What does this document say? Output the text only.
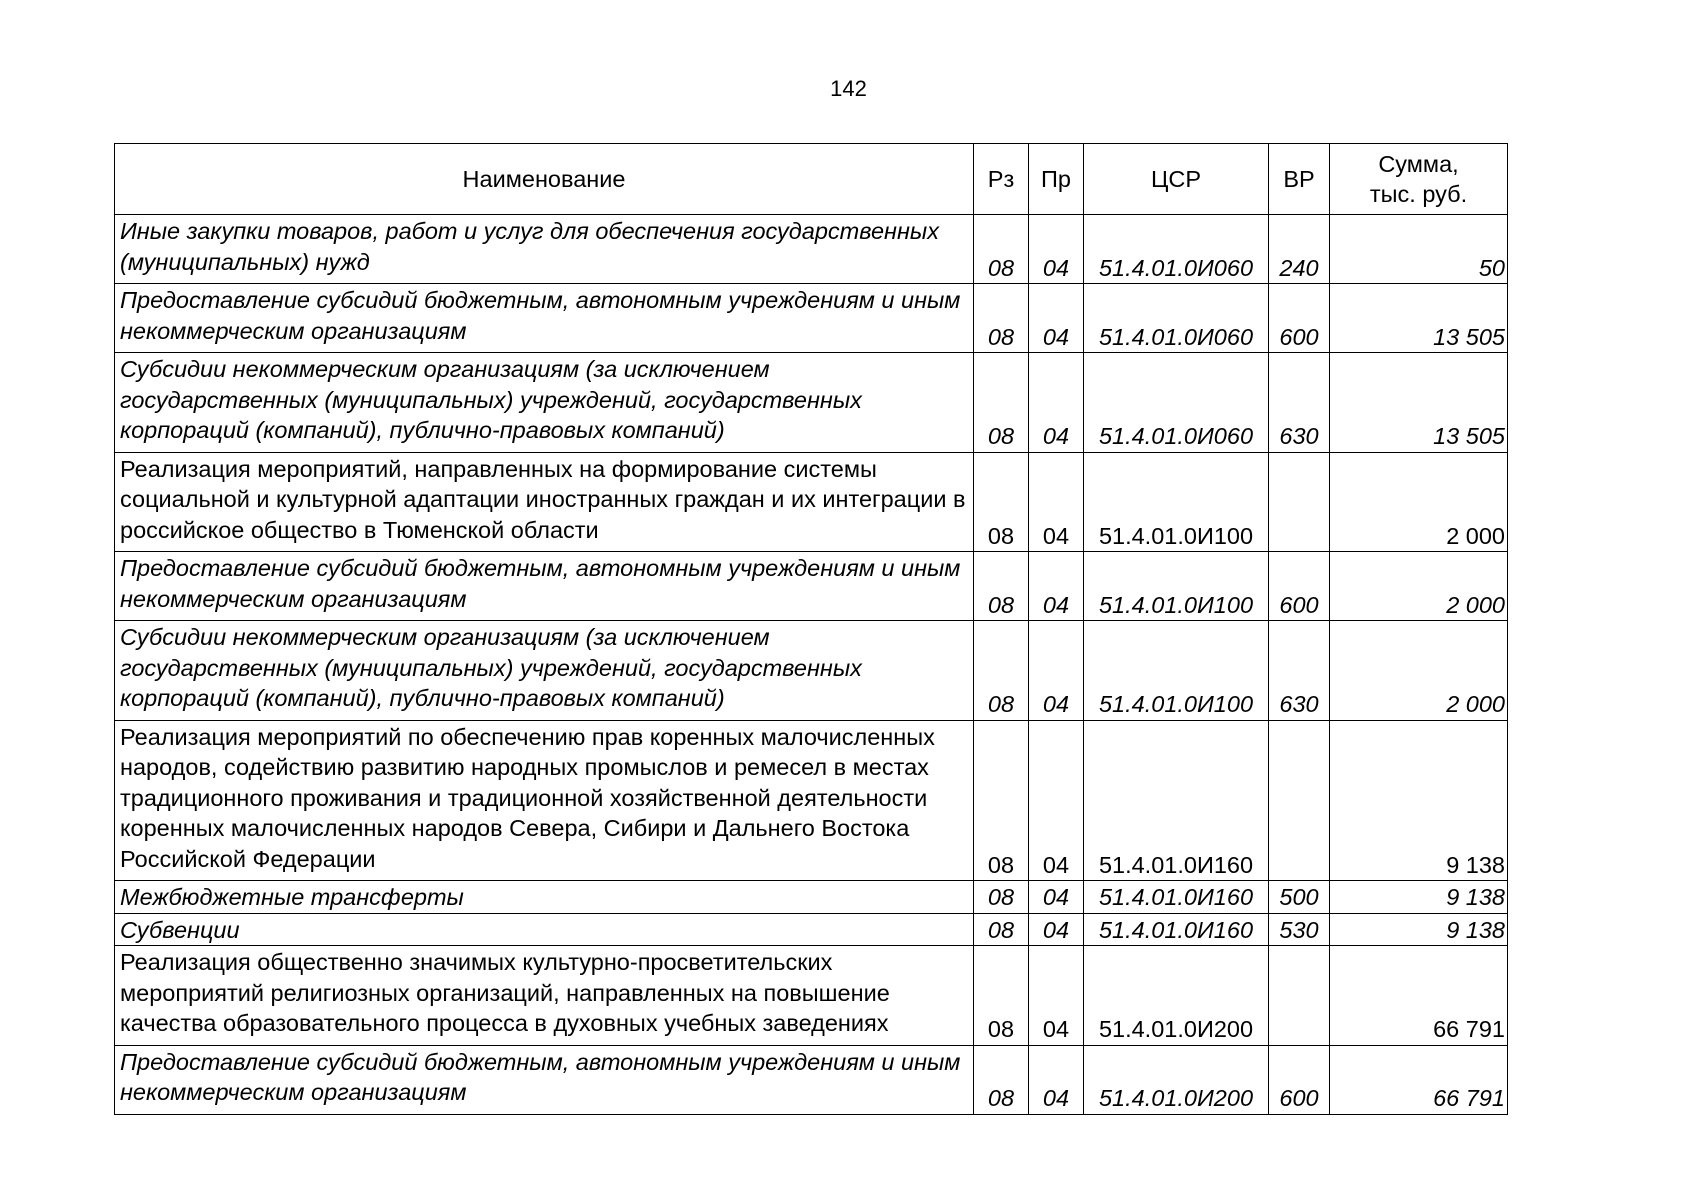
142
Наименование	Рз	Пр	ЦСР	ВР	Сумма,
тыс. руб.

Иные закупки товаров, работ и услуг для обеспечения государственных (муниципальных) нужд	08	04	51.4.01.0И060	240	50
Предоставление субсидий бюджетным, автономным учреждениям и иным некоммерческим организациям	08	04	51.4.01.0И060	600	13 505
Субсидии некоммерческим организациям (за исключением государственных (муниципальных) учреждений, государственных корпораций (компаний), публично-правовых компаний)	08	04	51.4.01.0И060	630	13 505
Реализация мероприятий, направленных на формирование системы социальной и культурной адаптации иностранных граждан и их интеграции в российское общество в Тюменской области	08	04	51.4.01.0И100		2 000
Предоставление субсидий бюджетным, автономным учреждениям и иным некоммерческим организациям	08	04	51.4.01.0И100	600	2 000
Субсидии некоммерческим организациям (за исключением государственных (муниципальных) учреждений, государственных корпораций (компаний), публично-правовых компаний)	08	04	51.4.01.0И100	630	2 000
Реализация мероприятий по обеспечению прав коренных малочисленных народов, содействию развитию народных промыслов и ремесел в местах традиционного проживания и традиционной хозяйственной деятельности коренных малочисленных народов Севера, Сибири и Дальнего Востока Российской Федерации	08	04	51.4.01.0И160		9 138
Межбюджетные трансферты	08	04	51.4.01.0И160	500	9 138
Субвенции	08	04	51.4.01.0И160	530	9 138
Реализация общественно значимых культурно-просветительских мероприятий религиозных организаций, направленных на повышение качества образовательного процесса в духовных учебных заведениях	08	04	51.4.01.0И200		66 791
Предоставление субсидий бюджетным, автономным учреждениям и иным некоммерческим организациям	08	04	51.4.01.0И200	600	66 791
